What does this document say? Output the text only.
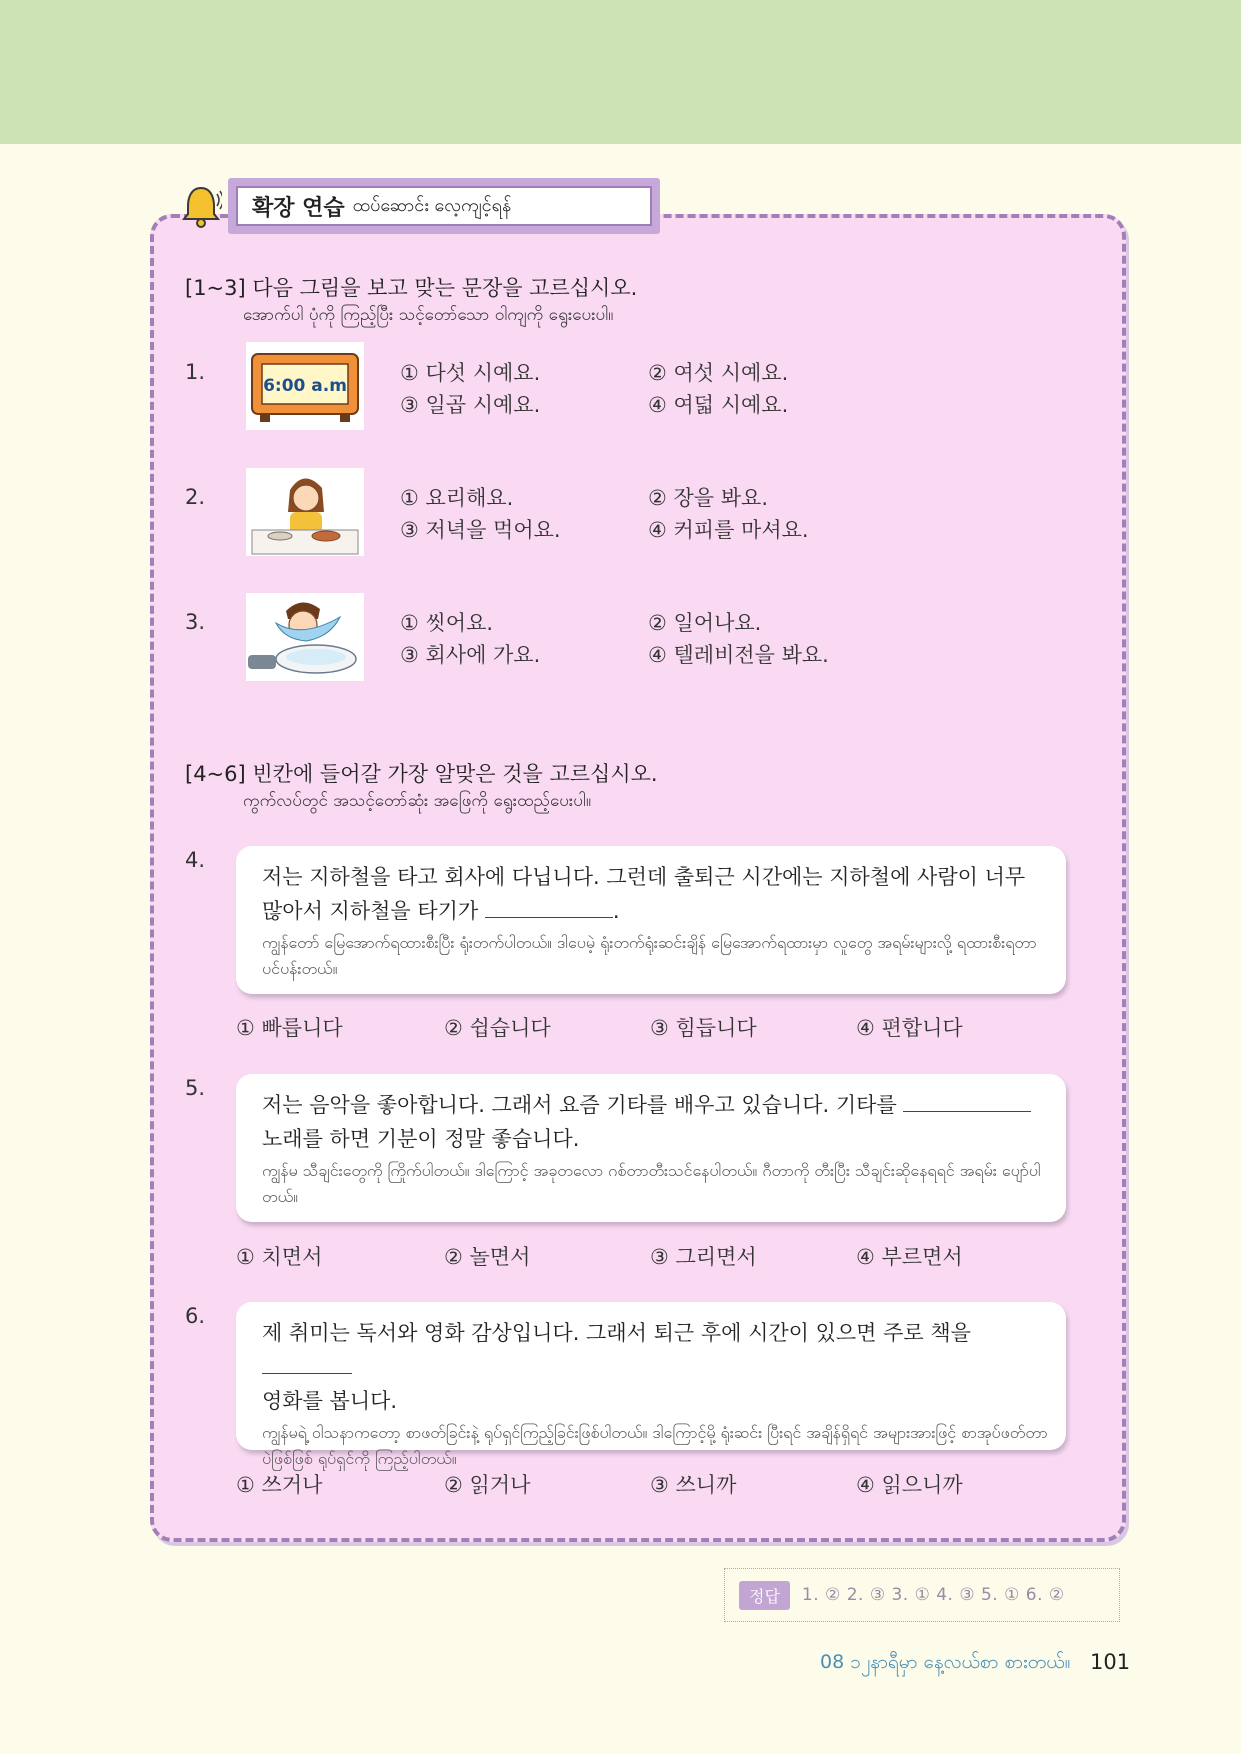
확장 연습 ထပ်ဆောင်း လေ့ကျင့်ရန်
[1~3] 다음 그림을 보고 맞는 문장을 고르십시오.
အောက်ပါ ပုံကို ကြည့်ပြီး သင့်တော်သော ဝါကျကို ရွေးပေးပါ။
1.
6:00 a.m
① 다섯 시예요.	② 여섯 시예요.
③ 일곱 시예요.	④ 여덟 시예요.
2.	① 요리해요.	② 장을 봐요.
③ 저녁을 먹어요.	④ 커피를 마셔요.
3.	① 씻어요.	② 일어나요.
③ 회사에 가요.	④ 텔레비전을 봐요.
[4~6] 빈칸에 들어갈 가장 알맞은 것을 고르십시오.
ကွက်လပ်တွင် အသင့်တော်ဆုံး အဖြေကို ရွေးထည့်ပေးပါ။
4.
저는 지하철을 타고 회사에 다닙니다. 그런데 출퇴근 시간에는 지하철에 사람이 너무
많아서 지하철을 타기가	.
ကျွန်တော် မြေအောက်ရထားစီးပြီး ရုံးတက်ပါတယ်။ ဒါပေမဲ့ ရုံးတက်ရုံးဆင်းချိန် မြေအောက်ရထားမှာ လူတွေ အရမ်းများလို့ ရထားစီးရတာ ပင်ပန်းတယ်။
① 빠릅니다	② 쉽습니다	③ 힘듭니다	④ 편합니다
5.
저는 음악을 좋아합니다. 그래서 요즘 기타를 배우고 있습니다. 기타를
노래를 하면 기분이 정말 좋습니다.
ကျွန်မ သီချင်းတွေကို ကြိုက်ပါတယ်။ ဒါကြောင့် အခုတလော ဂစ်တာတီးသင်နေပါတယ်။ ဂီတာကို တီးပြီး သီချင်းဆိုနေရရင် အရမ်း ပျော်ပါတယ်။
① 치면서	② 놀면서	③ 그리면서	④ 부르면서
6.
제 취미는 독서와 영화 감상입니다. 그래서 퇴근 후에 시간이 있으면 주로 책을
영화를 봅니다.
ကျွန်မရဲ့ ဝါသနာကတော့ စာဖတ်ခြင်းနဲ့ ရုပ်ရှင်ကြည့်ခြင်းဖြစ်ပါတယ်။ ဒါကြောင့်မို့ ရုံးဆင်း ပြီးရင် အချိန်ရှိရင် အများအားဖြင့် စာအုပ်ဖတ်တာပဲဖြစ်ဖြစ် ရုပ်ရှင်ကို ကြည့်ပါတယ်။
① 쓰거나	② 읽거나	③ 쓰니까	④ 읽으니까
정답	1. ② 2. ③ 3. ① 4. ③ 5. ① 6. ②
08 ၁၂နာရီမှာ နေ့လယ်စာ စားတယ်။ 101
